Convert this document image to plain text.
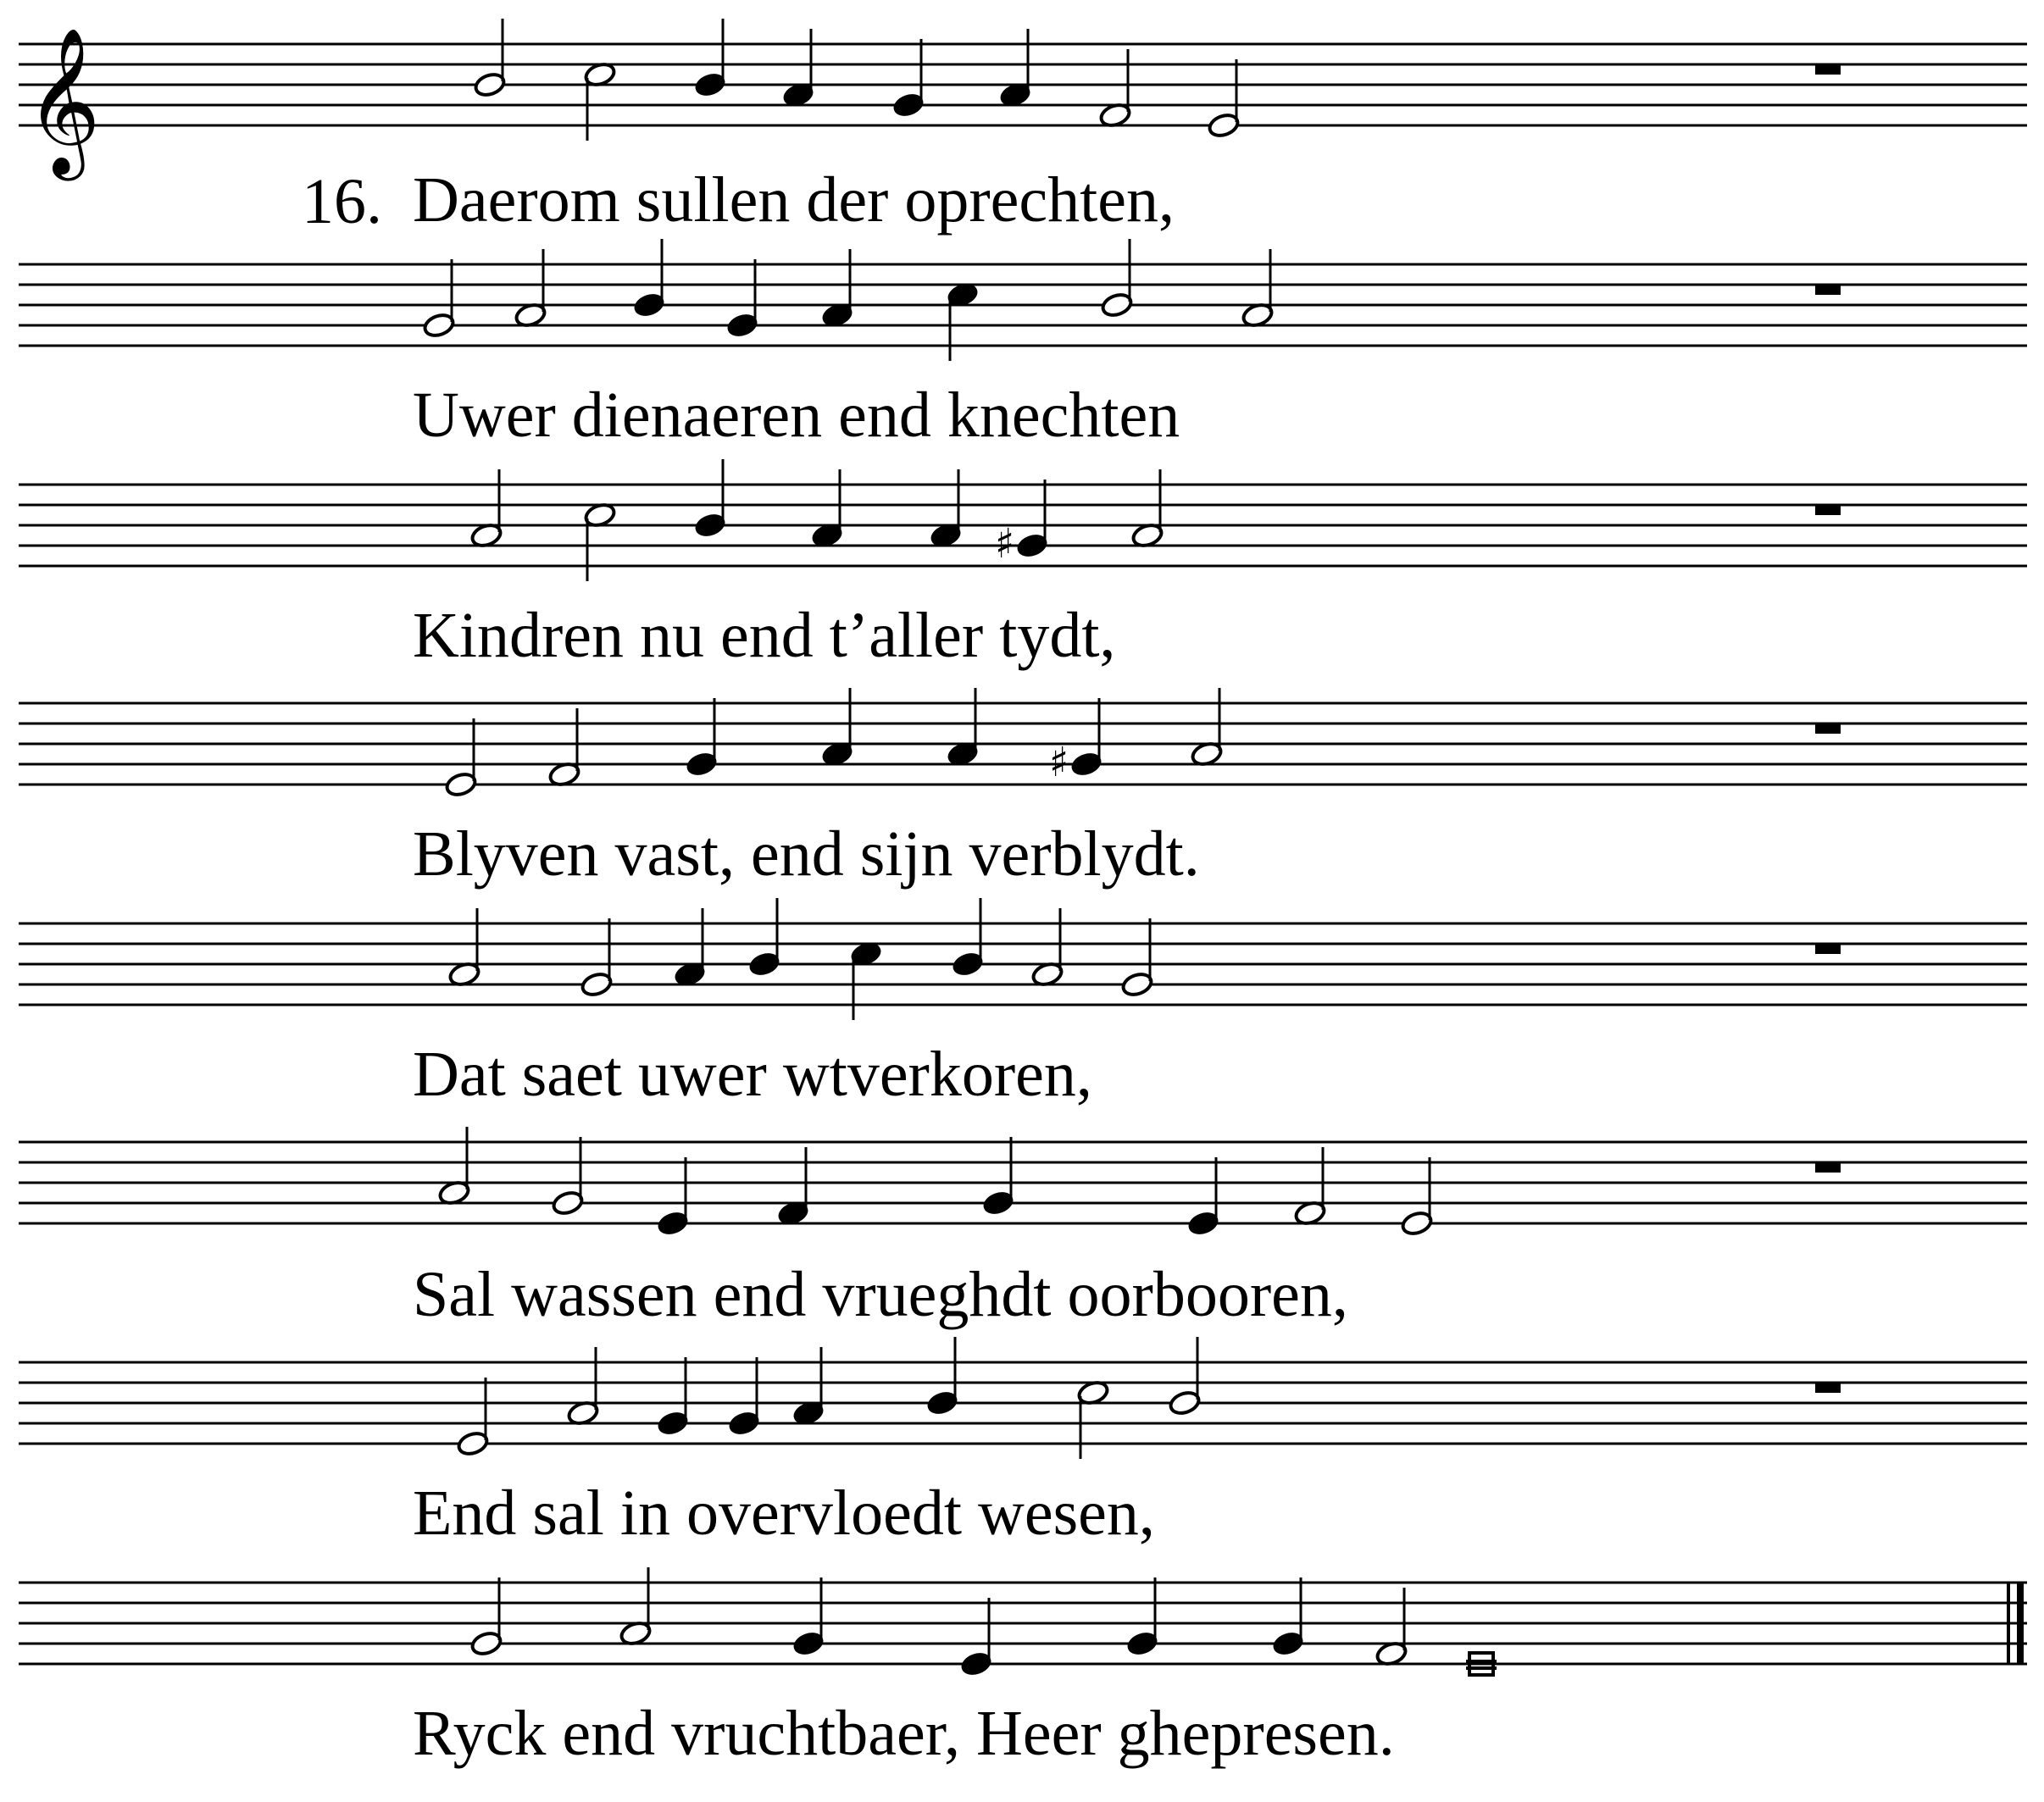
𝄞
♯
♯
16. Daerom sullen der oprechten,
Uwer dienaeren end knechten
Kindren nu end t’aller tydt,
Blyven vast, end sijn verblydt.
Dat saet uwer wtverkoren,
Sal wassen end vrueghdt oorbooren,
End sal in overvloedt wesen,
Ryck end vruchtbaer, Heer ghepresen.
